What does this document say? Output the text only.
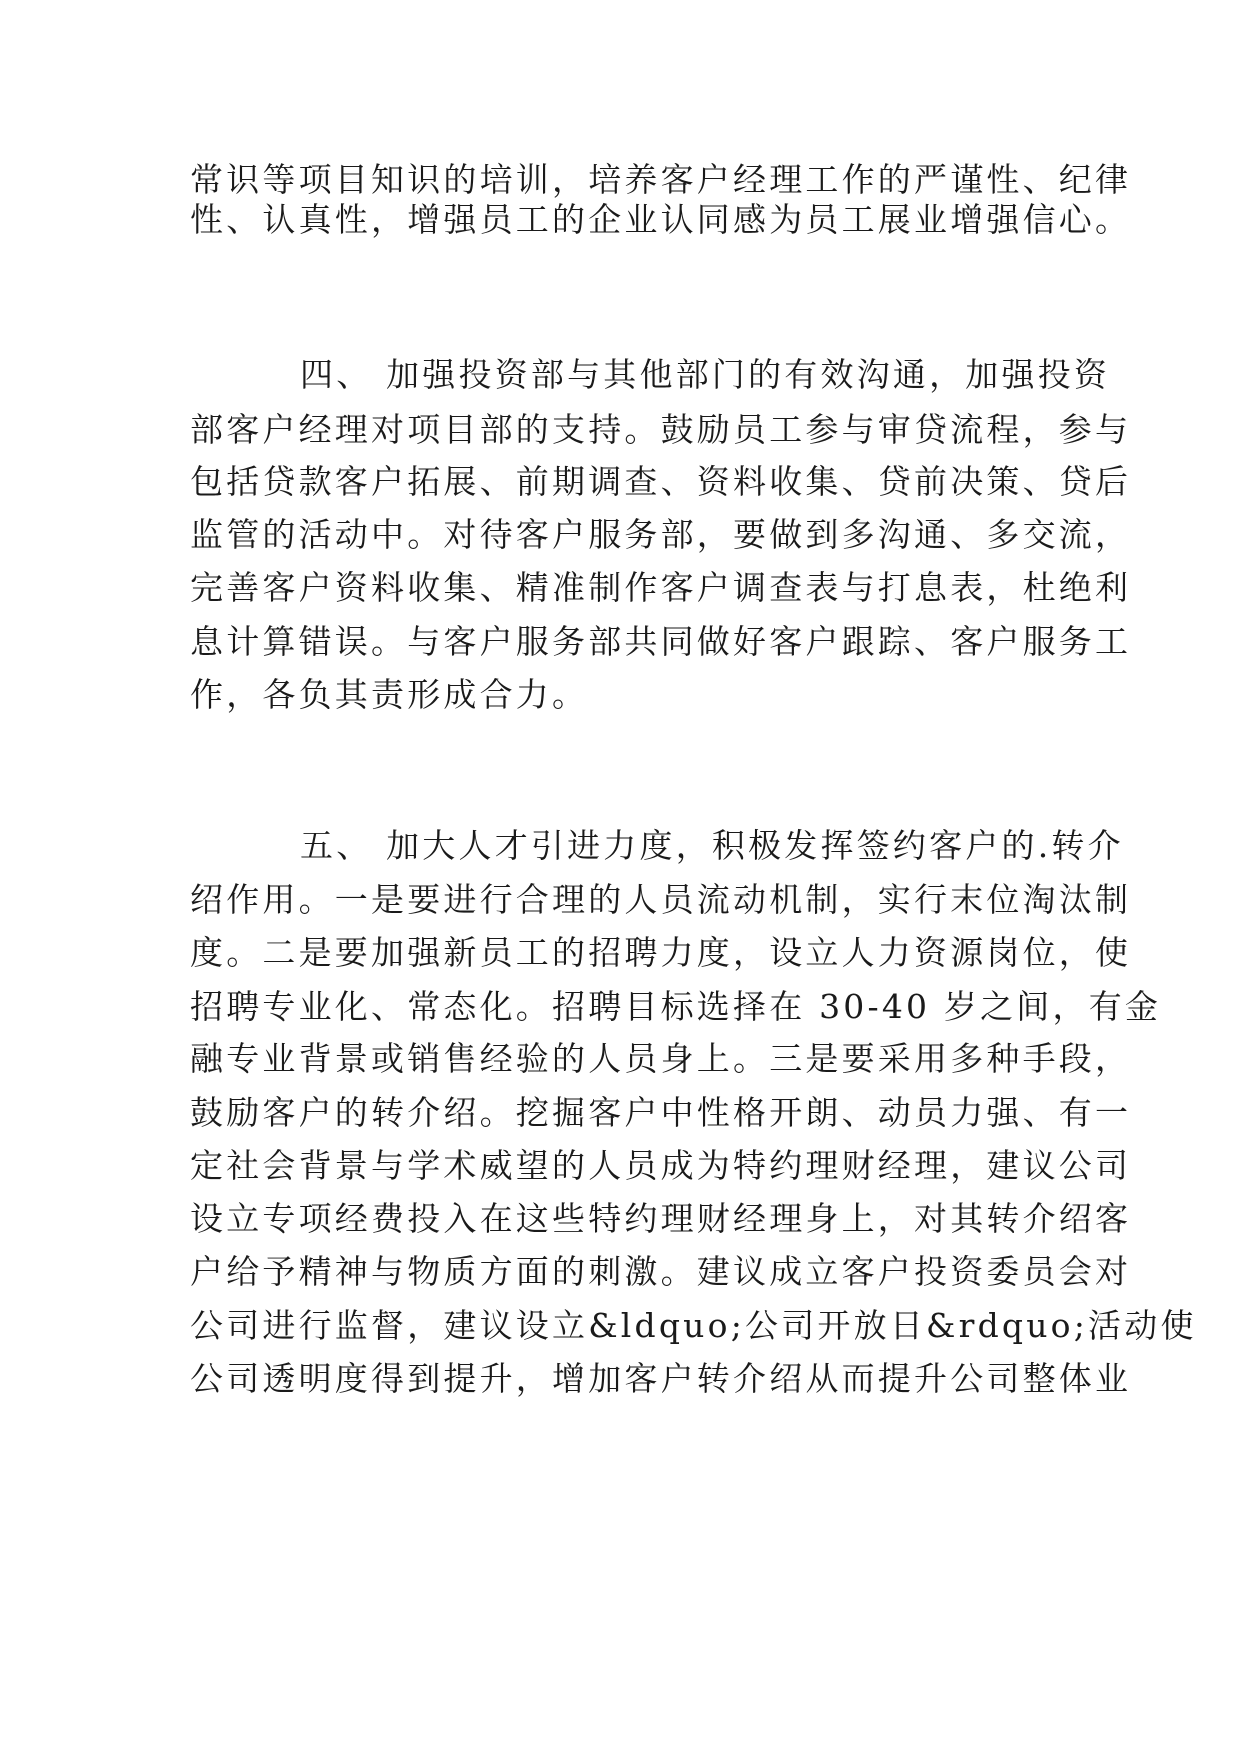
常识等项目知识的培训，培养客户经理工作的严谨性、纪律
性、认真性，增强员工的企业认同感为员工展业增强信心。
四、 加强投资部与其他部门的有效沟通，加强投资
部客户经理对项目部的支持。鼓励员工参与审贷流程，参与
包括贷款客户拓展、前期调查、资料收集、贷前决策、贷后
监管的活动中。对待客户服务部，要做到多沟通、多交流，
完善客户资料收集、精准制作客户调查表与打息表，杜绝利
息计算错误。与客户服务部共同做好客户跟踪、客户服务工
作，各负其责形成合力。
五、 加大人才引进力度，积极发挥签约客户的.转介
绍作用。一是要进行合理的人员流动机制，实行末位淘汰制
度。二是要加强新员工的招聘力度，设立人力资源岗位，使
招聘专业化、常态化。招聘目标选择在 30-40 岁之间，有金
融专业背景或销售经验的人员身上。三是要采用多种手段，
鼓励客户的转介绍。挖掘客户中性格开朗、动员力强、有一
定社会背景与学术威望的人员成为特约理财经理，建议公司
设立专项经费投入在这些特约理财经理身上，对其转介绍客
户给予精神与物质方面的刺激。建议成立客户投资委员会对
公司进行监督，建议设立&ldquo;公司开放日&rdquo;活动使
公司透明度得到提升，增加客户转介绍从而提升公司整体业
